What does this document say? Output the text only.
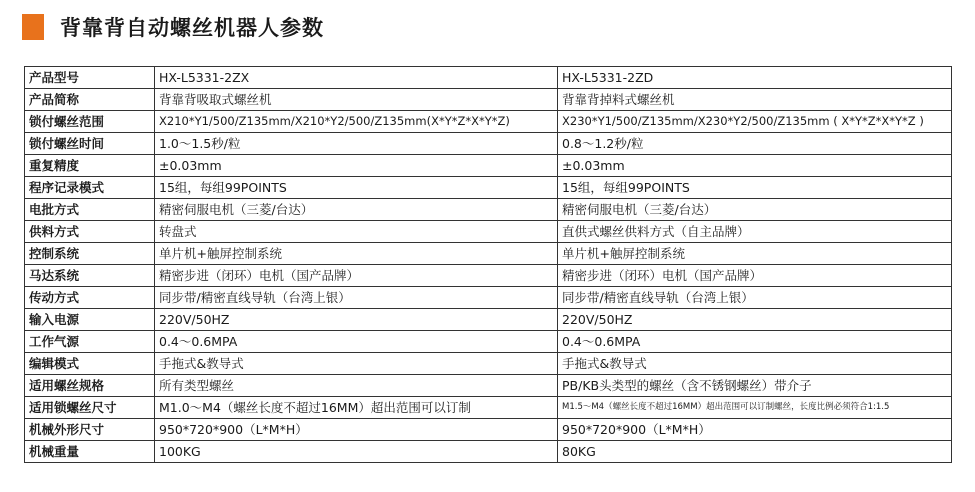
背靠背自动螺丝机器人参数
产品型号	HX-L5331-2ZX	HX-L5331-2ZD
产品简称	背靠背吸取式螺丝机	背靠背掉料式螺丝机
锁付螺丝范围	X210*Y1/500/Z135mm/X210*Y2/500/Z135mm(X*Y*Z*X*Y*Z)	X230*Y1/500/Z135mm/X230*Y2/500/Z135mm ( X*Y*Z*X*Y*Z )
锁付螺丝时间	1.0～1.5秒/粒	0.8～1.2秒/粒
重复精度	±0.03mm	±0.03mm
程序记录模式	15组，每组99POINTS	15组，每组99POINTS
电批方式	精密伺服电机（三菱/台达）	精密伺服电机（三菱/台达）
供料方式	转盘式	直供式螺丝供料方式（自主品牌）
控制系统	单片机+触屏控制系统	单片机+触屏控制系统
马达系统	精密步进（闭环）电机（国产品牌）	精密步进（闭环）电机（国产品牌）
传动方式	同步带/精密直线导轨（台湾上银）	同步带/精密直线导轨（台湾上银）
输入电源	220V/50HZ	220V/50HZ
工作气源	0.4～0.6MPA	0.4～0.6MPA
编辑模式	手拖式&教导式	手拖式&教导式
适用螺丝规格	所有类型螺丝	PB/KB头类型的螺丝（含不锈钢螺丝）带介子
适用锁螺丝尺寸	M1.0～M4（螺丝长度不超过16MM）超出范围可以订制	M1.5～M4（螺丝长度不超过16MM）超出范围可以订制螺丝，长度比例必须符合1:1.5
机械外形尺寸	950*720*900（L*M*H）	950*720*900（L*M*H）
机械重量	100KG	80KG
